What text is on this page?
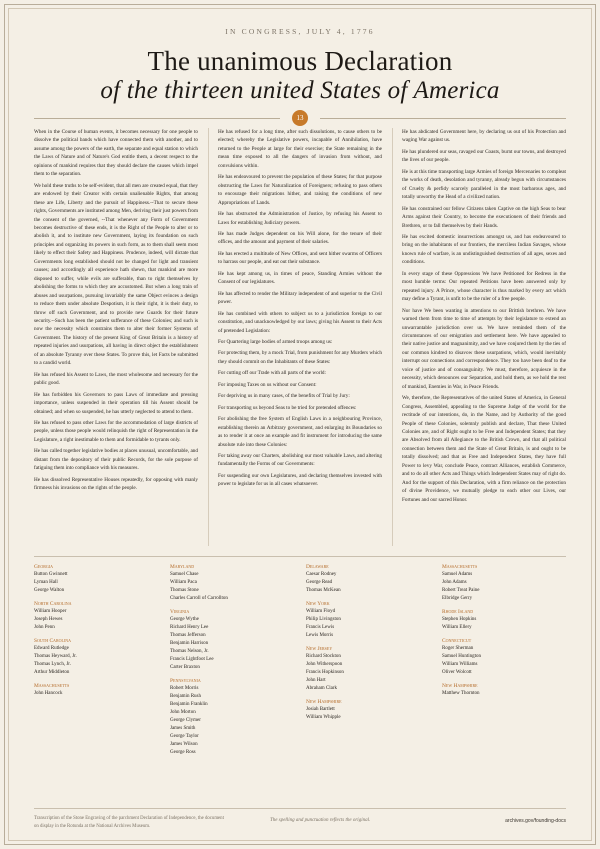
IN CONGRESS, JULY 4, 1776
The unanimous Declaration
of the thirteen united States of America
13

When in the Course of human events, it becomes necessary for one people to dissolve the political bands which have connected them with another, and to assume among the powers of the earth, the separate and equal station to which the Laws of Nature and of Nature's God entitle them, a decent respect to the opinions of mankind requires that they should declare the causes which impel them to the separation.

We hold these truths to be self-evident, that all men are created equal, that they are endowed by their Creator with certain unalienable Rights, that among these are Life, Liberty and the pursuit of Happiness.--That to secure these rights, Governments are instituted among Men, deriving their just powers from the consent of the governed, --That whenever any Form of Government becomes destructive of these ends, it is the Right of the People to alter or to abolish it, and to institute new Government, laying its foundation on such principles and organizing its powers in such form, as to them shall seem most likely to effect their Safety and Happiness. Prudence, indeed, will dictate that Governments long established should not be changed for light and transient causes; and accordingly all experience hath shewn, that mankind are more disposed to suffer, while evils are sufferable, than to right themselves by abolishing the forms to which they are accustomed. But when a long train of abuses and usurpations, pursuing invariably the same Object evinces a design to reduce them under absolute Despotism, it is their right, it is their duty, to throw off such Government, and to provide new Guards for their future security.--Such has been the patient sufferance of these Colonies; and such is now the necessity which constrains them to alter their former Systems of Government. The history of the present King of Great Britain is a history of repeated injuries and usurpations, all having in direct object the establishment of an absolute Tyranny over these States. To prove this, let Facts be submitted to a candid world.

He has refused his Assent to Laws, the most wholesome and necessary for the public good.

He has forbidden his Governors to pass Laws of immediate and pressing importance, unless suspended in their operation till his Assent should be obtained; and when so suspended, he has utterly neglected to attend to them.

He has refused to pass other Laws for the accommodation of large districts of people, unless those people would relinquish the right of Representation in the Legislature, a right inestimable to them and formidable to tyrants only.

He has called together legislative bodies at places unusual, uncomfortable, and distant from the depository of their public Records, for the sole purpose of fatiguing them into compliance with his measures.

He has dissolved Representative Houses repeatedly, for opposing with manly firmness his invasions on the rights of the people.

He has refused for a long time, after such dissolutions, to cause others to be elected; whereby the Legislative powers, incapable of Annihilation, have returned to the People at large for their exercise; the State remaining in the mean time exposed to all the dangers of invasion from without, and convulsions within.

He has endeavoured to prevent the population of these States; for that purpose obstructing the Laws for Naturalization of Foreigners; refusing to pass others to encourage their migrations hither, and raising the conditions of new Appropriations of Lands.

He has obstructed the Administration of Justice, by refusing his Assent to Laws for establishing Judiciary powers.

He has made Judges dependent on his Will alone, for the tenure of their offices, and the amount and payment of their salaries.

He has erected a multitude of New Offices, and sent hither swarms of Officers to harrass our people, and eat out their substance.

He has kept among us, in times of peace, Standing Armies without the Consent of our legislatures.

He has affected to render the Military independent of and superior to the Civil power.

He has combined with others to subject us to a jurisdiction foreign to our constitution, and unacknowledged by our laws; giving his Assent to their Acts of pretended Legislation:

For Quartering large bodies of armed troops among us:

For protecting them, by a mock Trial, from punishment for any Murders which they should commit on the Inhabitants of these States:

For cutting off our Trade with all parts of the world:

For imposing Taxes on us without our Consent:

For depriving us in many cases, of the benefits of Trial by Jury:

For transporting us beyond Seas to be tried for pretended offences:

For abolishing the free System of English Laws in a neighbouring Province, establishing therein an Arbitrary government, and enlarging its Boundaries so as to render it at once an example and fit instrument for introducing the same absolute rule into these Colonies:

For taking away our Charters, abolishing our most valuable Laws, and altering fundamentally the Forms of our Governments:

For suspending our own Legislatures, and declaring themselves invested with power to legislate for us in all cases whatsoever.

He has abdicated Government here, by declaring us out of his Protection and waging War against us.

He has plundered our seas, ravaged our Coasts, burnt our towns, and destroyed the lives of our people.

He is at this time transporting large Armies of foreign Mercenaries to compleat the works of death, desolation and tyranny, already begun with circumstances of Cruelty & perfidy scarcely paralleled in the most barbarous ages, and totally unworthy the Head of a civilized nation.

He has constrained our fellow Citizens taken Captive on the high Seas to bear Arms against their Country, to become the executioners of their friends and Brethren, or to fall themselves by their Hands.

He has excited domestic insurrections amongst us, and has endeavoured to bring on the inhabitants of our frontiers, the merciless Indian Savages, whose known rule of warfare, is an undistinguished destruction of all ages, sexes and conditions.

In every stage of these Oppressions We have Petitioned for Redress in the most humble terms: Our repeated Petitions have been answered only by repeated injury. A Prince, whose character is thus marked by every act which may define a Tyrant, is unfit to be the ruler of a free people.

Nor have We been wanting in attentions to our Brittish brethren. We have warned them from time to time of attempts by their legislature to extend an unwarrantable jurisdiction over us. We have reminded them of the circumstances of our emigration and settlement here. We have appealed to their native justice and magnanimity, and we have conjured them by the ties of our common kindred to disavow these usurpations, which, would inevitably interrupt our connections and correspondence. They too have been deaf to the voice of justice and of consanguinity. We must, therefore, acquiesce in the necessity, which denounces our Separation, and hold them, as we hold the rest of mankind, Enemies in War, in Peace Friends.

We, therefore, the Representatives of the united States of America, in General Congress, Assembled, appealing to the Supreme Judge of the world for the rectitude of our intentions, do, in the Name, and by Authority of the good People of these Colonies, solemnly publish and declare, That these United Colonies are, and of Right ought to be Free and Independent States; that they are Absolved from all Allegiance to the British Crown, and that all political connection between them and the State of Great Britain, is and ought to be totally dissolved; and that as Free and Independent States, they have full Power to levy War, conclude Peace, contract Alliances, establish Commerce, and to do all other Acts and Things which Independent States may of right do. And for the support of this Declaration, with a firm reliance on the protection of divine Providence, we mutually pledge to each other our Lives, our Fortunes and our sacred Honor.

Georgia
Button Gwinnett
Lyman Hall
George Walton
North Carolina
William Hooper
Joseph Hewes
John Penn
South Carolina
Edward Rutledge
Thomas Heyward, Jr.
Thomas Lynch, Jr.
Arthur Middleton
Massachusetts
John Hancock
Maryland
Samuel Chase
William Paca
Thomas Stone
Charles Carroll of Carrollton
Virginia
George Wythe
Richard Henry Lee
Thomas Jefferson
Benjamin Harrison
Thomas Nelson, Jr.
Francis Lightfoot Lee
Carter Braxton
Pennsylvania
Robert Morris
Benjamin Rush
Benjamin Franklin
John Morton
George Clymer
James Smith
George Taylor
James Wilson
George Ross
Delaware
Caesar Rodney
George Read
Thomas McKean
New York
William Floyd
Philip Livingston
Francis Lewis
Lewis Morris
New Jersey
Richard Stockton
John Witherspoon
Francis Hopkinson
John Hart
Abraham Clark
New Hampshire
Josiah Bartlett
William Whipple
Massachusetts
Samuel Adams
John Adams
Robert Treat Paine
Elbridge Gerry
Rhode Island
Stephen Hopkins
William Ellery
Connecticut
Roger Sherman
Samuel Huntington
William Williams
Oliver Wolcott
New Hampshire
Matthew Thornton
Transcription of the Stone Engraving of the parchment Declaration of Independence, the document on display in the Rotunda at the National Archives Museum.
The spelling and punctuation reflects the original.	archives.gov/founding-docs
